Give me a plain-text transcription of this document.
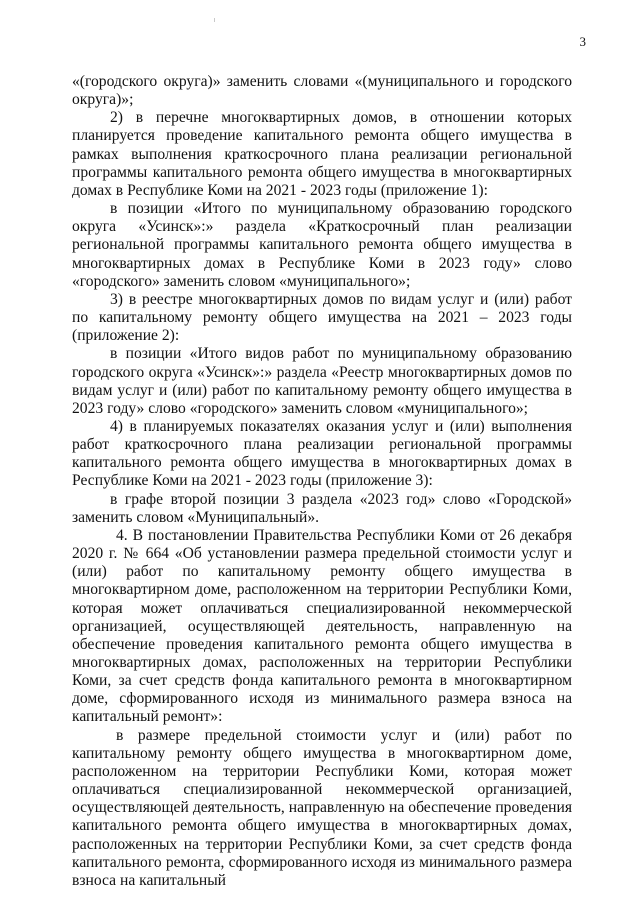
3

«(городского округа)» заменить словами «(муниципального и городского округа)»;

2) в перечне многоквартирных домов, в отношении которых планируется проведение капитального ремонта общего имущества в рамках выполнения краткосрочного плана реализации региональной программы капитального ремонта общего имущества в многоквартирных домах в Республике Коми на 2021 - 2023 годы (приложение 1):

в позиции «Итого по муниципальному образованию городского округа «Усинск»:» раздела «Краткосрочный план реализации региональной программы капитального ремонта общего имущества в многоквартирных домах в Республике Коми в 2023 году» слово «городского» заменить словом «муниципального»;

3) в реестре многоквартирных домов по видам услуг и (или) работ по капитальному ремонту общего имущества на 2021 – 2023 годы (приложение 2):

в позиции «Итого видов работ по муниципальному образованию городского округа «Усинск»:» раздела «Реестр многоквартирных домов по видам услуг и (или) работ по капитальному ремонту общего имущества в 2023 году» слово «городского» заменить словом «муниципального»;

4) в планируемых показателях оказания услуг и (или) выполнения работ краткосрочного плана реализации региональной программы капитального ремонта общего имущества в многоквартирных домах в Республике Коми на 2021 - 2023 годы (приложение 3):

в графе второй позиции 3 раздела «2023 год» слово «Городской» заменить словом «Муниципальный».

4. В постановлении Правительства Республики Коми от 26 декабря 2020 г. № 664 «Об установлении размера предельной стоимости услуг и (или) работ по капитальному ремонту общего имущества в многоквартирном доме, расположенном на территории Республики Коми, которая может оплачиваться специализированной некоммерческой организацией, осуществляющей деятельность, направленную на обеспечение проведения капитального ремонта общего имущества в многоквартирных домах, расположенных на территории Республики Коми, за счет средств фонда капитального ремонта в многоквартирном доме, сформированного исходя из минимального размера взноса на капитальный ремонт»:

в размере предельной стоимости услуг и (или) работ по капитальному ремонту общего имущества в многоквартирном доме, расположенном на территории Республики Коми, которая может оплачиваться специализированной некоммерческой организацией, осуществляющей деятельность, направленную на обеспечение проведения капитального ремонта общего имущества в многоквартирных домах, расположенных на территории Республики Коми, за счет средств фонда капитального ремонта, сформированного исходя из минимального размера взноса на капитальный
